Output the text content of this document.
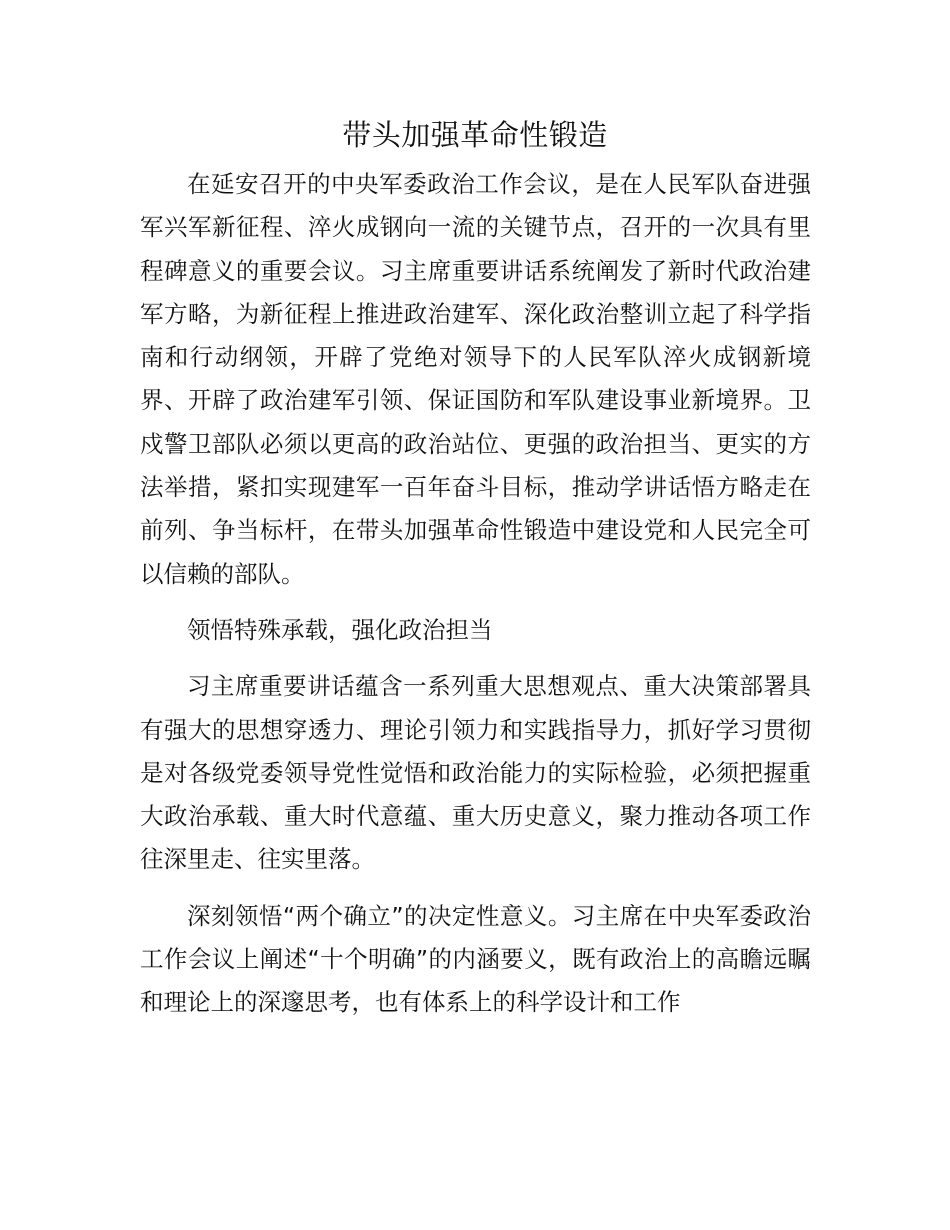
带头加强革命性锻造

在延安召开的中央军委政治工作会议，是在人民军队奋进强军兴军新征程、淬火成钢向一流的关键节点，召开的一次具有里程碑意义的重要会议。习主席重要讲话系统阐发了新时代政治建军方略，为新征程上推进政治建军、深化政治整训立起了科学指南和行动纲领，开辟了党绝对领导下的人民军队淬火成钢新境界、开辟了政治建军引领、保证国防和军队建设事业新境界。卫戍警卫部队必须以更高的政治站位、更强的政治担当、更实的方法举措，紧扣实现建军一百年奋斗目标，推动学讲话悟方略走在前列、争当标杆，在带头加强革命性锻造中建设党和人民完全可以信赖的部队。

领悟特殊承载，强化政治担当

习主席重要讲话蕴含一系列重大思想观点、重大决策部署具有强大的思想穿透力、理论引领力和实践指导力，抓好学习贯彻是对各级党委领导党性觉悟和政治能力的实际检验，必须把握重大政治承载、重大时代意蕴、重大历史意义，聚力推动各项工作往深里走、往实里落。

深刻领悟“两个确立”的决定性意义。习主席在中央军委政治工作会议上阐述“十个明确”的内涵要义，既有政治上的高瞻远瞩和理论上的深邃思考，也有体系上的科学设计和工作
